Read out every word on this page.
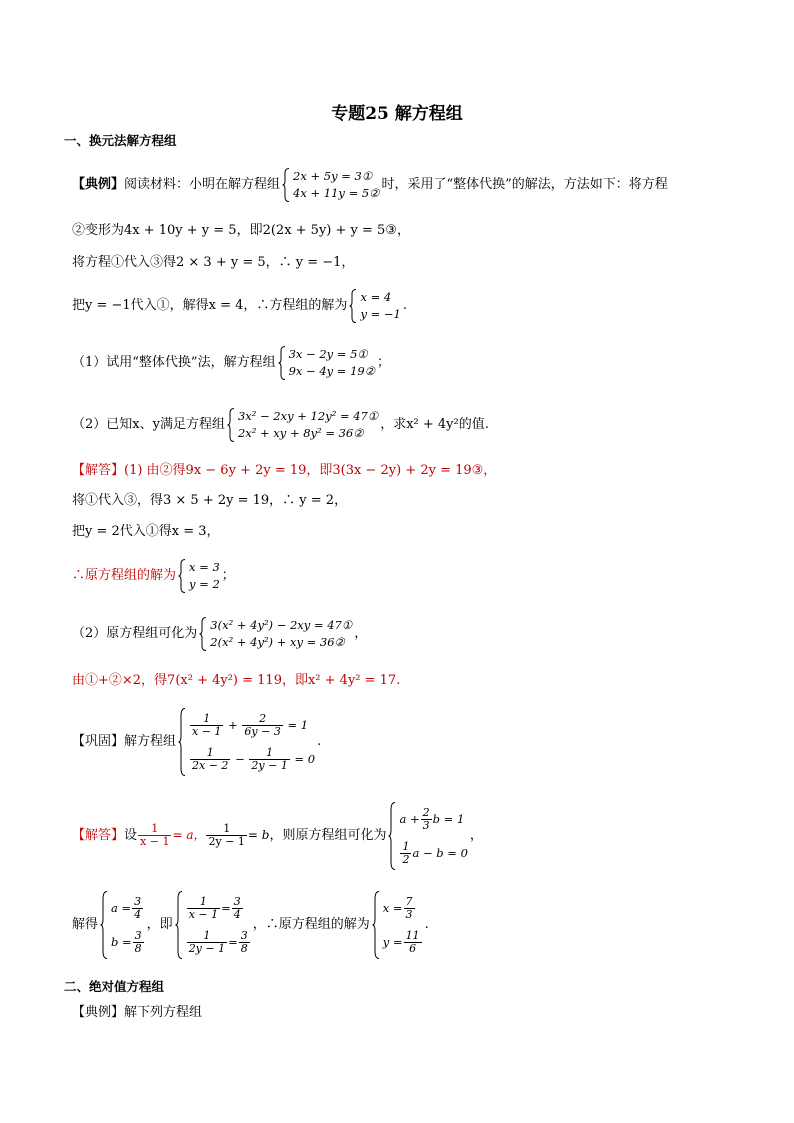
专题25 解方程组
一、换元法解方程组
【典例】阅读材料：小明在解方程组
2x + 5y = 3①
4x + 11y = 5②
时，采用了“整体代换”的解法，方法如下：将方程
②变形为4x + 10y + y = 5，即2(2x + 5y) + y = 5③，
将方程①代入③得2 × 3 + y = 5，∴ y = −1，
把y = −1代入①，解得x = 4，∴方程组的解为
x = 4
y = −1
.
（1）试用“整体代换”法，解方程组
3x − 2y = 5①
9x − 4y = 19②
；
（2）已知x、y满足方程组
3x² − 2xy + 12y² = 47①
2x² + xy + 8y² = 36②
，求x² + 4y²的值.
【解答】(1) 由②得9x − 6y + 2y = 19，即3(3x − 2y) + 2y = 19③，
将①代入③，得3 × 5 + 2y = 19，∴ y = 2，
把y = 2代入①得x = 3，
∴原方程组的解为
x = 3
y = 2
；
（2）原方程组可化为
3(x² + 4y²) − 2xy = 47①
2(x² + 4y²) + xy = 36②
，
由①+②×2，得7(x² + 4y²) = 119，即x² + 4y² = 17.
【巩固】解方程组
$\frac{1}{x - 1} + \frac{2}{6y - 3} = 1$
$\frac{1}{2x - 2} - \frac{1}{2y - 1} = 0$
.
【解答】设 $\frac{1}{x - 1} = a$， $\frac{1}{2y - 1} = b$，则原方程组可化为
$a + \frac{2}{3}$ b = 1
$\frac{1}{2}$ a − b = 0
，
解得
$a = \frac{3}{4}$
$b = \frac{3}{8}$
，即
$\frac{1}{x - 1} = \frac{3}{4}$
$\frac{1}{2y - 1} = \frac{3}{8}$
，∴原方程组的解为
$x = \frac{7}{3}$
$y = \frac{11}{6}$
.
二、绝对值方程组
【典例】解下列方程组
